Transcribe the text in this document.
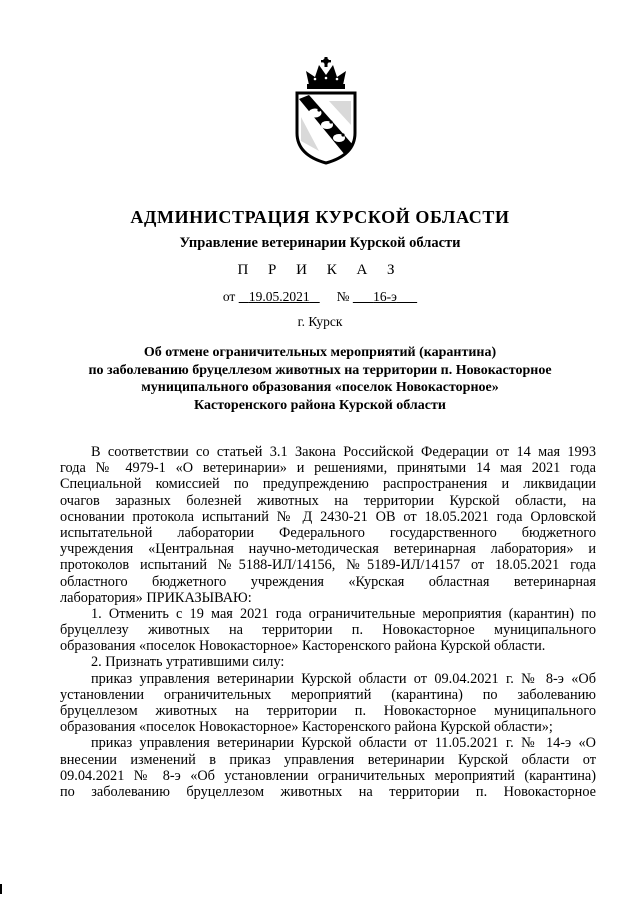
АДМИНИСТРАЦИЯ КУРСКОЙ ОБЛАСТИ
Управление ветеринарии Курской области
П Р И К А З
от 19.05.2021 № 16-э
г. Курск
Об отмене ограничительных мероприятий (карантина)
по заболеванию бруцеллезом животных на территории п. Новокасторное
муниципального образования «поселок Новокасторное»
Касторенского района Курской области
В соответствии со статьей 3.1 Закона Российской Федерации от 14 мая 1993
года № 4979-1 «О ветеринарии» и решениями, принятыми 14 мая 2021 года
Специальной комиссией по предупреждению распространения и ликвидации
очагов заразных болезней животных на территории Курской области, на
основании протокола испытаний № Д 2430-21 ОВ от 18.05.2021 года Орловской
испытательной лаборатории Федерального государственного бюджетного
учреждения «Центральная научно-методическая ветеринарная лаборатория» и
протоколов испытаний №5188-ИЛ/14156, №5189-ИЛ/14157 от 18.05.2021 года
областного бюджетного учреждения «Курская областная ветеринарная
лаборатория» ПРИКАЗЫВАЮ:
1. Отменить с 19 мая 2021 года ограничительные мероприятия (карантин) по
бруцеллезу животных на территории п. Новокасторное муниципального
образования «поселок Новокасторное» Касторенского района Курской области.
2. Признать утратившими силу:
приказ управления ветеринарии Курской области от 09.04.2021 г. № 8-э «Об
установлении ограничительных мероприятий (карантина) по заболеванию
бруцеллезом животных на территории п. Новокасторное муниципального
образования «поселок Новокасторное» Касторенского района Курской области»;
приказ управления ветеринарии Курской области от 11.05.2021 г. № 14-э «О
внесении изменений в приказ управления ветеринарии Курской области от
09.04.2021 № 8-э «Об установлении ограничительных мероприятий (карантина)
по заболеванию бруцеллезом животных на территории п. Новокасторное
